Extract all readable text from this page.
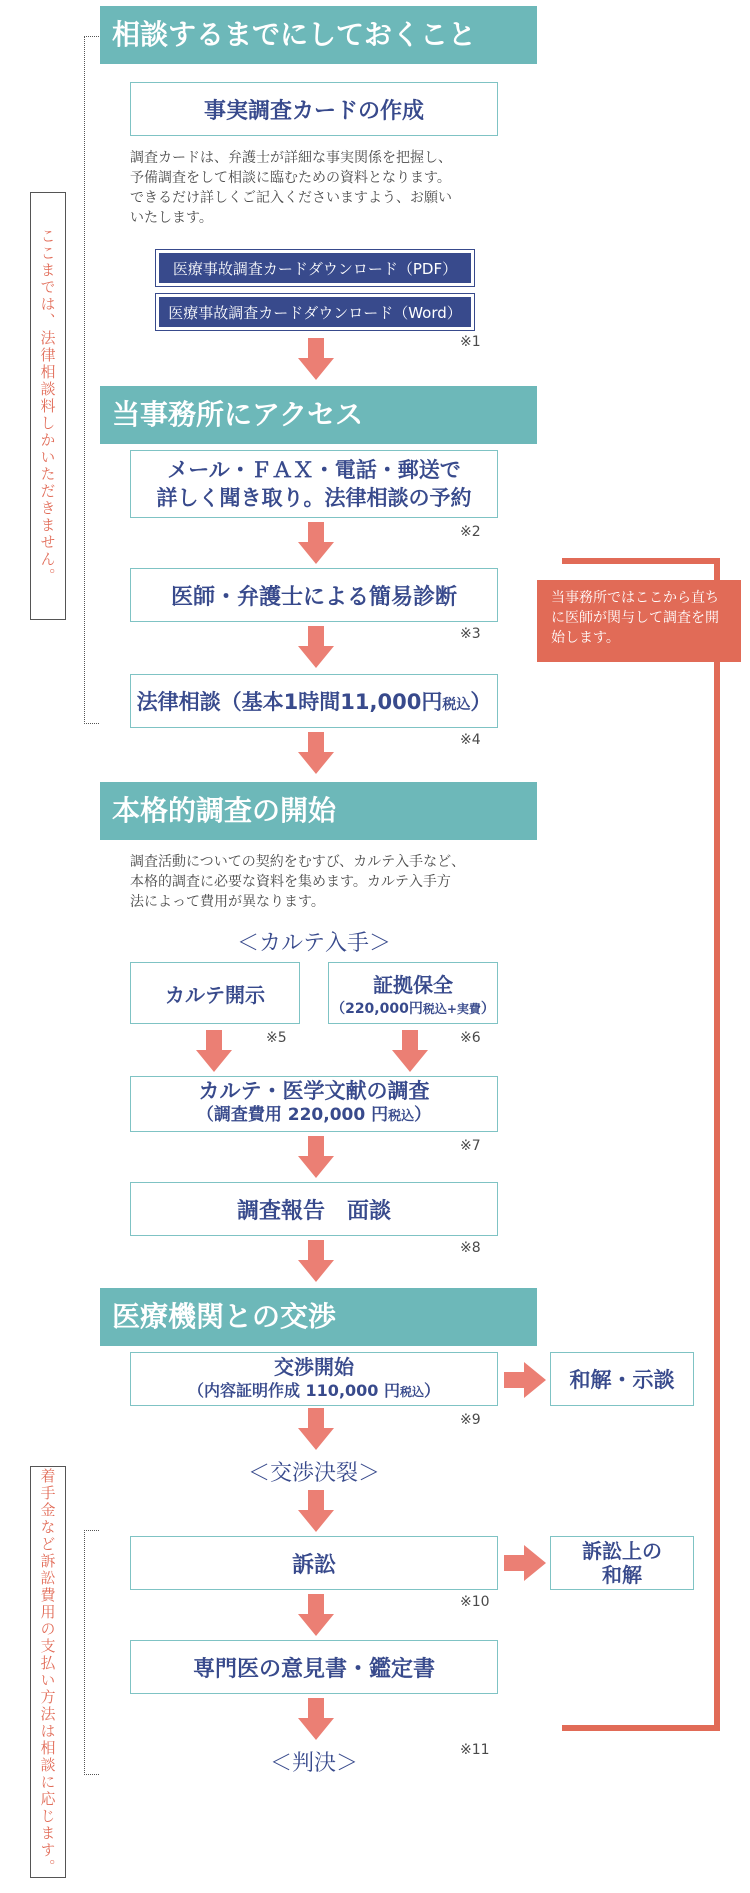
ここまでは、法律相談料しかいただきません。
着手金など訴訟費用の支払い方法は相談に応じます。
当事務所ではここから直ちに医師が関与して調査を開始します。
相談するまでにしておくこと
事実調査カードの作成
調査カードは、弁護士が詳細な事実関係を把握し、
予備調査をして相談に臨むための資料となります。
できるだけ詳しくご記入くださいますよう、お願い
いたします。
医療事故調査カードダウンロード（PDF）
医療事故調査カードダウンロード（Word）
※1
当事務所にアクセス
メール・ＦＡＸ・電話・郵送で
詳しく聞き取り。法律相談の予約
※2
医師・弁護士による簡易診断
※3
法律相談（基本1時間11,000円税込）
※4
本格的調査の開始
調査活動についての契約をむすび、カルテ入手など、
本格的調査に必要な資料を集めます。カルテ入手方
法によって費用が異なります。
＜カルテ入手＞
カルテ開示	証拠保全
（220,000円税込+実費）
※5	※6
カルテ・医学文献の調査
（調査費用 220,000 円税込）
※7
調査報告　面談
※8
医療機関との交渉
交渉開始
（内容証明作成 110,000 円税込）	和解・示談
※9
＜交渉決裂＞
訴訟
訴訟上の
和解
※10
専門医の意見書・鑑定書
＜判決＞
※11
